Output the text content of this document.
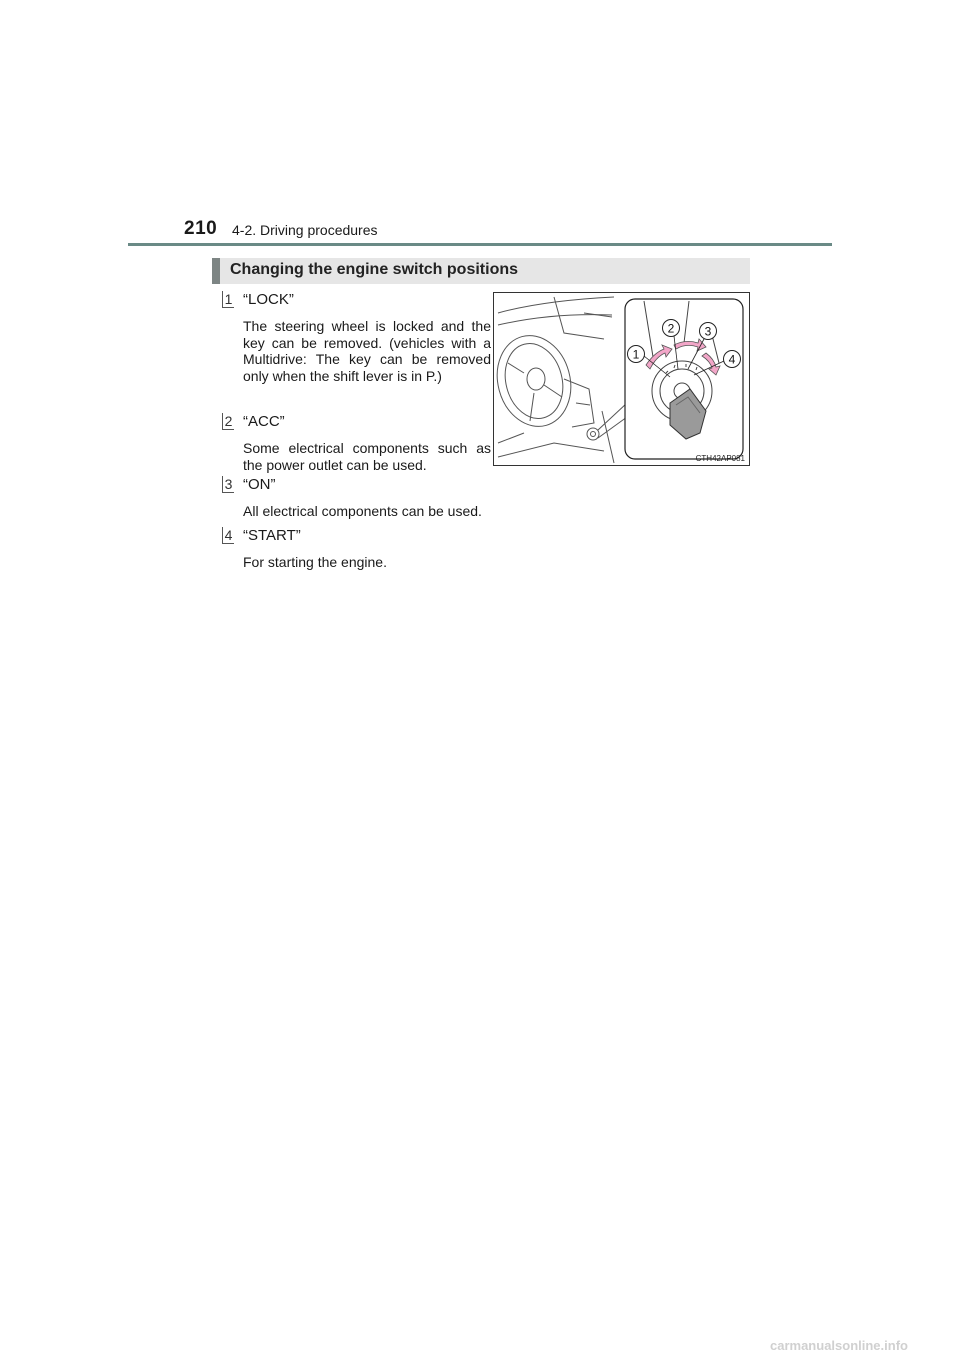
210 4-2. Driving procedures
Changing the engine switch positions
1 “LOCK”
The steering wheel is locked and the key can be removed. (vehicles with a Multidrive: The key can be removed only when the shift lever is in P.)
2 “ACC”
Some electrical components such as the power outlet can be used.
3 “ON”
All electrical components can be used.
4 “START”
For starting the engine.
1
2	3
4
CTH42AP081
carmanualsonline.info
